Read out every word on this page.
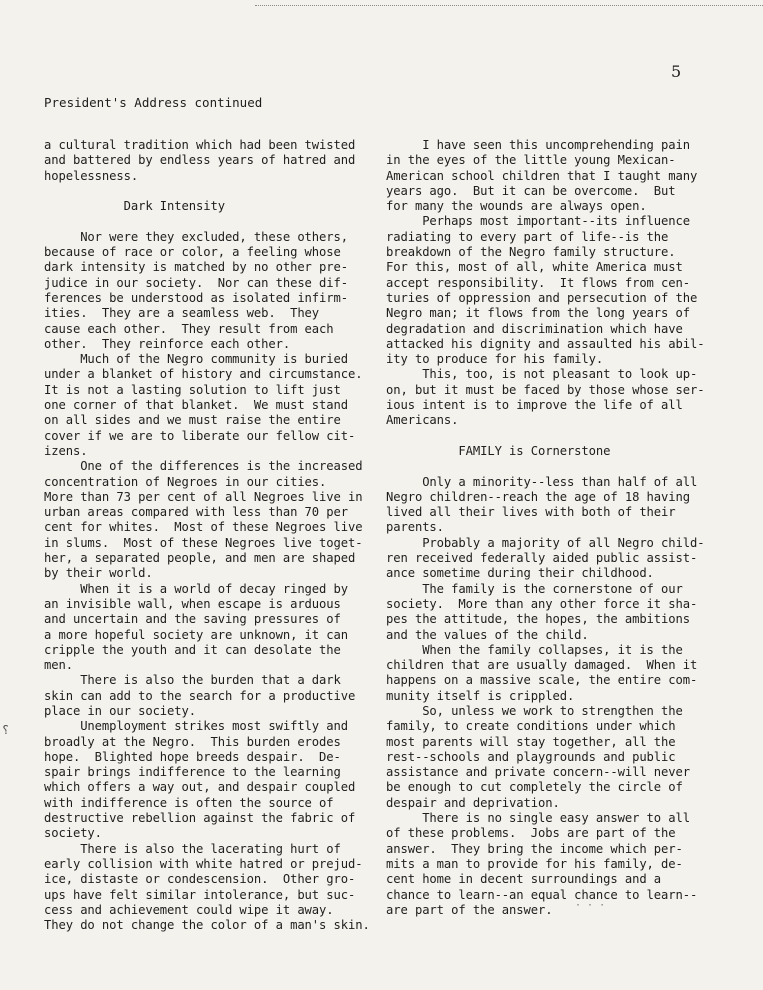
5
President's Address continued
a cultural tradition which had been twisted
and battered by endless years of hatred and
hopelessness.
Dark Intensity
Nor were they excluded, these others,
because of race or color, a feeling whose
dark intensity is matched by no other pre-
judice in our society.  Nor can these dif-
ferences be understood as isolated infirm-
ities.  They are a seamless web.  They
cause each other.  They result from each
other.  They reinforce each other.
Much of the Negro community is buried
under a blanket of history and circumstance.
It is not a lasting solution to lift just
one corner of that blanket.  We must stand
on all sides and we must raise the entire
cover if we are to liberate our fellow cit-
izens.
One of the differences is the increased
concentration of Negroes in our cities.
More than 73 per cent of all Negroes live in
urban areas compared with less than 70 per
cent for whites.  Most of these Negroes live
in slums.  Most of these Negroes live toget-
her, a separated people, and men are shaped
by their world.
When it is a world of decay ringed by
an invisible wall, when escape is arduous
and uncertain and the saving pressures of
a more hopeful society are unknown, it can
cripple the youth and it can desolate the
men.
There is also the burden that a dark
skin can add to the search for a productive
place in our society.
Unemployment strikes most swiftly and
broadly at the Negro.  This burden erodes
hope.  Blighted hope breeds despair.  De-
spair brings indifference to the learning
which offers a way out, and despair coupled
with indifference is often the source of
destructive rebellion against the fabric of
society.
There is also the lacerating hurt of
early collision with white hatred or prejud-
ice, distaste or condescension.  Other gro-
ups have felt similar intolerance, but suc-
cess and achievement could wipe it away.
They do not change the color of a man's skin.
I have seen this uncomprehending pain
in the eyes of the little young Mexican-
American school children that I taught many
years ago.  But it can be overcome.  But
for many the wounds are always open.
Perhaps most important--its influence
radiating to every part of life--is the
breakdown of the Negro family structure.
For this, most of all, white America must
accept responsibility.  It flows from cen-
turies of oppression and persecution of the
Negro man; it flows from the long years of
degradation and discrimination which have
attacked his dignity and assaulted his abil-
ity to produce for his family.
This, too, is not pleasant to look up-
on, but it must be faced by those whose ser-
ious intent is to improve the life of all
Americans.
FAMILY is Cornerstone
Only a minority--less than half of all
Negro children--reach the age of 18 having
lived all their lives with both of their
parents.
Probably a majority of all Negro child-
ren received federally aided public assist-
ance sometime during their childhood.
The family is the cornerstone of our
society.  More than any other force it sha-
pes the attitude, the hopes, the ambitions
and the values of the child.
When the family collapses, it is the
children that are usually damaged.  When it
happens on a massive scale, the entire com-
munity itself is crippled.
So, unless we work to strengthen the
family, to create conditions under which
most parents will stay together, all the
rest--schools and playgrounds and public
assistance and private concern--will never
be enough to cut completely the circle of
despair and deprivation.
There is no single easy answer to all
of these problems.  Jobs are part of the
answer.  They bring the income which per-
mits a man to provide for his family, de-
cent home in decent surroundings and a
chance to learn--an equal chance to learn--
are part of the answer.
⸮
· · ·
